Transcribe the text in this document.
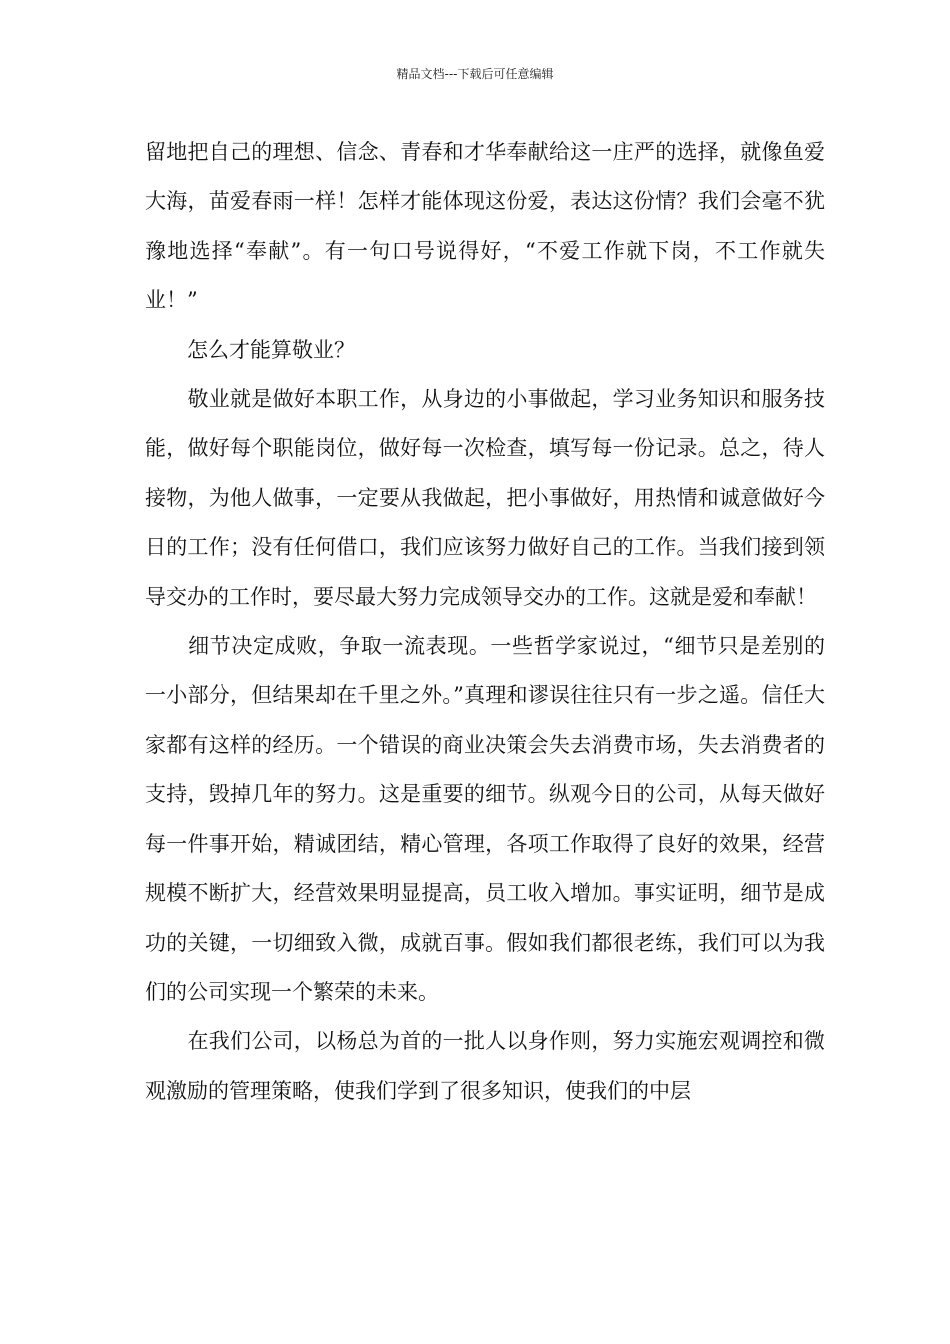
精品文档---下载后可任意编辑

留地把自己的理想、信念、青春和才华奉献给这一庄严的选择，就像鱼爱大海，苗爱春雨一样！怎样才能体现这份爱，表达这份情？我们会毫不犹豫地选择“奉献”。有一句口号说得好，“不爱工作就下岗，不工作就失业！”

　　怎么才能算敬业？

　　敬业就是做好本职工作，从身边的小事做起，学习业务知识和服务技能，做好每个职能岗位，做好每一次检查，填写每一份记录。总之，待人接物，为他人做事，一定要从我做起，把小事做好，用热情和诚意做好今日的工作；没有任何借口，我们应该努力做好自己的工作。当我们接到领导交办的工作时，要尽最大努力完成领导交办的工作。这就是爱和奉献！

　　细节决定成败，争取一流表现。一些哲学家说过，“细节只是差别的一小部分，但结果却在千里之外。”真理和谬误往往只有一步之遥。信任大家都有这样的经历。一个错误的商业决策会失去消费市场，失去消费者的支持，毁掉几年的努力。这是重要的细节。纵观今日的公司，从每天做好每一件事开始，精诚团结，精心管理，各项工作取得了良好的效果，经营规模不断扩大，经营效果明显提高，员工收入增加。事实证明，细节是成功的关键，一切细致入微，成就百事。假如我们都很老练，我们可以为我们的公司实现一个繁荣的未来。

　　在我们公司，以杨总为首的一批人以身作则，努力实施宏观调控和微观激励的管理策略，使我们学到了很多知识，使我们的中层
